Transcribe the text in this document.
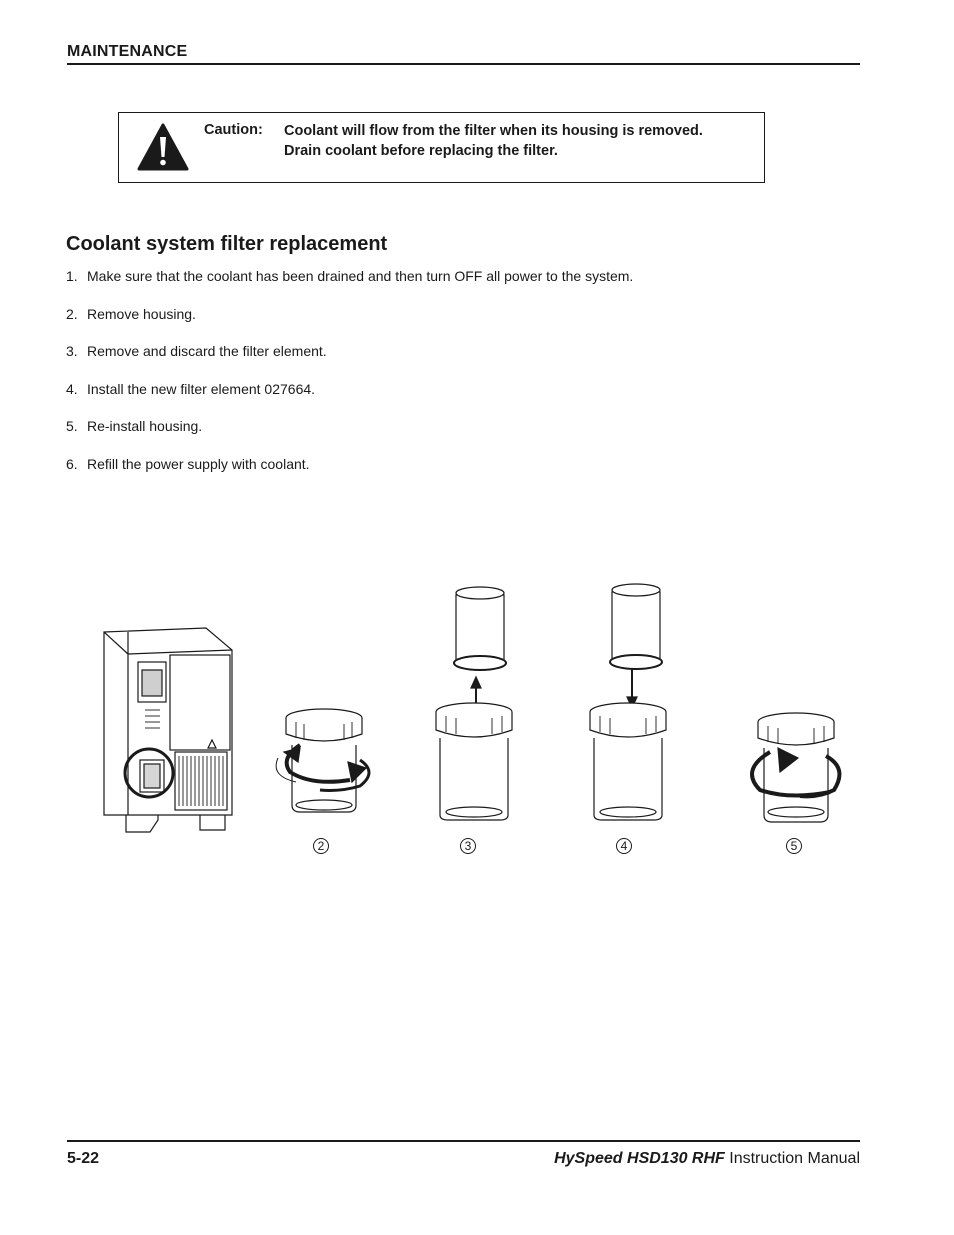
MAINTENANCE
Caution: Coolant will flow from the filter when its housing is removed.
Drain coolant before replacing the filter.
Coolant system filter replacement
1. Make sure that the coolant has been drained and then turn OFF all power to the system.
2. Remove housing.
3. Remove and discard the filter element.
4. Install the new filter element 027664.
5. Re-install housing.
6. Refill the power supply with coolant.
2	3	4	5
5-22	HySpeed HSD130 RHF Instruction Manual
